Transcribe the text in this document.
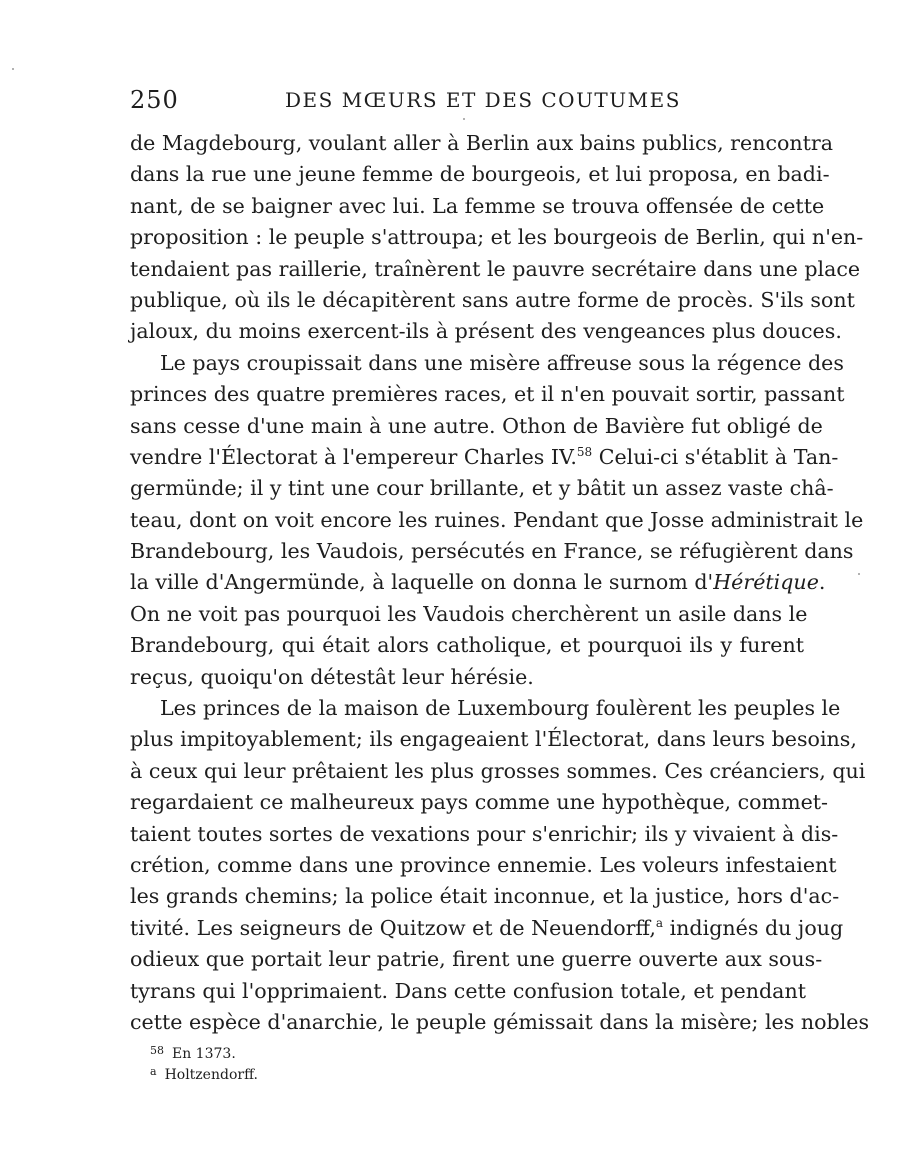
250	DES MŒURS ET DES COUTUMES
de Magdebourg, voulant aller à Berlin aux bains publics, rencontra
dans la rue une jeune femme de bourgeois, et lui proposa, en badi-
nant, de se baigner avec lui. La femme se trouva offensée de cette
proposition : le peuple s'attroupa; et les bourgeois de Berlin, qui n'en-
tendaient pas raillerie, traînèrent le pauvre secrétaire dans une place
publique, où ils le décapitèrent sans autre forme de procès. S'ils sont
jaloux, du moins exercent-ils à présent des vengeances plus douces.
Le pays croupissait dans une misère affreuse sous la régence des
princes des quatre premières races, et il n'en pouvait sortir, passant
sans cesse d'une main à une autre. Othon de Bavière fut obligé de
vendre l'Électorat à l'empereur Charles IV.$^{58}$ Celui-ci s'établit à Tan-
germünde; il y tint une cour brillante, et y bâtit un assez vaste châ-
teau, dont on voit encore les ruines. Pendant que Josse administrait le
Brandebourg, les Vaudois, persécutés en France, se réfugièrent dans
la ville d'Angermünde, à laquelle on donna le surnom d'Hérétique.
On ne voit pas pourquoi les Vaudois cherchèrent un asile dans le
Brandebourg, qui était alors catholique, et pourquoi ils y furent
reçus, quoiqu'on détestât leur hérésie.
Les princes de la maison de Luxembourg foulèrent les peuples le
plus impitoyablement; ils engageaient l'Électorat, dans leurs besoins,
à ceux qui leur prêtaient les plus grosses sommes. Ces créanciers, qui
regardaient ce malheureux pays comme une hypothèque, commet-
taient toutes sortes de vexations pour s'enrichir; ils y vivaient à dis-
crétion, comme dans une province ennemie. Les voleurs infestaient
les grands chemins; la police était inconnue, et la justice, hors d'ac-
tivité. Les seigneurs de Quitzow et de Neuendorff,$^a$ indignés du joug
odieux que portait leur patrie, firent une guerre ouverte aux sous-
tyrans qui l'opprimaient. Dans cette confusion totale, et pendant
cette espèce d'anarchie, le peuple gémissait dans la misère; les nobles
$^{58}$ En 1373.
$^a$ Holtzendorff.
